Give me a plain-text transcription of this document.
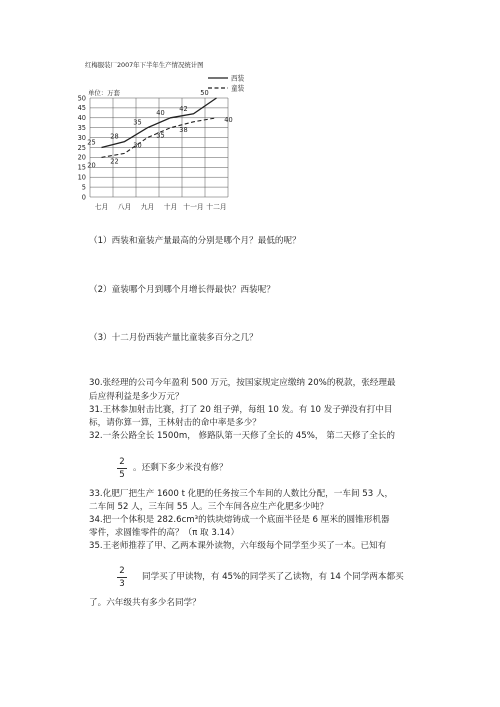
红梅服装厂2007年下半年生产情况统计图
0
5
10
15
20
25
30
35
40
45
50
七月 八月 九月 十月 十一月 十二月
单位：万套
25
28
35
40 42
50
20 22
30
35
38
40
西装
童装
（1）西装和童装产量最高的分别是哪个月？最低的呢？
（2）童装哪个月到哪个月增长得最快？西装呢？
（3）十二月份西装产量比童装多百分之几？
30.张经理的公司今年盈利 500 万元，按国家规定应缴纳 20%的税款，张经理最
后应得利益是多少万元？
31.王林参加射击比赛，打了 20 组子弹，每组 10 发。有 10 发子弹没有打中目
标，请你算一算，王林射击的命中率是多少？
32.一条公路全长 1500m， 修路队第一天修了全长的 45%， 第二天修了全长的
2
5
。还剩下多少米没有修？
33.化肥厂把生产 1600 t 化肥的任务按三个车间的人数比分配，一车间 53 人，
二车间 52 人，三车间 55 人。三个车间各应生产化肥多少吨？
34.把一个体积是 282.6cm³的铁块熔铸成一个底面半径是 6 厘米的圆锥形机器
零件，求圆锥零件的高？（π 取 3.14）
35.王老师推荐了甲、乙两本课外读物，六年级每个同学至少买了一本。已知有
2
3
同学买了甲读物，有 45%的同学买了乙读物，有 14 个同学两本都买
了。六年级共有多少名同学？
